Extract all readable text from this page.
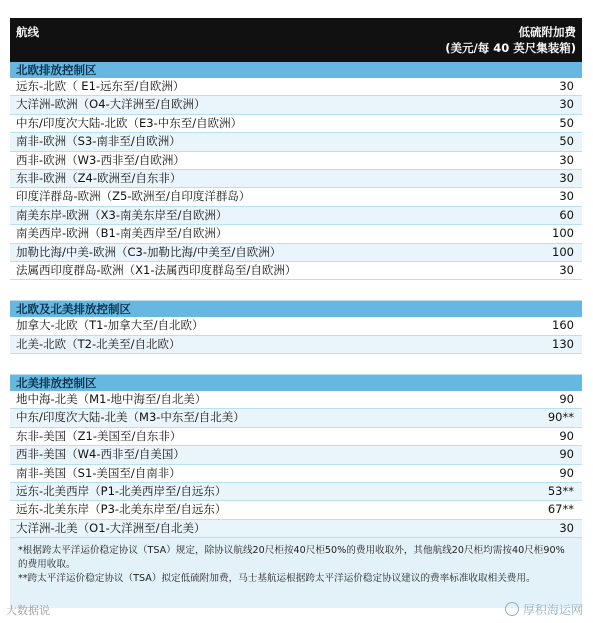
航线	低硫附加费
(美元/每 40 英尺集装箱)
北欧排放控制区
远东-北欧（ E1-远东至/自欧洲）	30
大洋洲-欧洲（O4-大洋洲至/自欧洲）	30
中东/印度次大陆-北欧（E3-中东至/自欧洲）	50
南非-欧洲（S3-南非至/自欧洲）	50
西非-欧洲（W3-西非至/自欧洲）	30
东非-欧洲（Z4-欧洲至/自东非）	30
印度洋群岛-欧洲（Z5-欧洲至/自印度洋群岛）	30
南美东岸-欧洲（X3-南美东岸至/自欧洲）	60
南美西岸-欧洲（B1-南美西岸至/自欧洲）	100
加勒比海/中美-欧洲（C3-加勒比海/中美至/自欧洲）	100
法属西印度群岛-欧洲（X1-法属西印度群岛至/自欧洲）	30
北欧及北美排放控制区
加拿大-北欧（T1-加拿大至/自北欧）	160
北美-北欧（T2-北美至/自北欧）	130
北美排放控制区
地中海-北美（M1-地中海至/自北美）	90
中东/印度次大陆-北美（M3-中东至/自北美）	90**
东非-美国（Z1-美国至/自东非）	90
西非-美国（W4-西非至/自美国）	90
南非-美国（S1-美国至/自南非）	90
远东-北美西岸（P1-北美西岸至/自远东）	53**
远东-北美东岸（P3-北美东岸至/自远东）	67**
大洋洲-北美（O1-大洋洲至/自北美）	30
*根据跨太平洋运价稳定协议（TSA）规定，除协议航线20尺柜按40尺柜50%的费用收取外，其他航线20尺柜均需按40尺柜90%的费用收取。
**跨太平洋运价稳定协议（TSA）拟定低硫附加费，马士基航运根据跨太平洋运价稳定协议建议的费率标准收取相关费用。
大数据说	厚积海运网
